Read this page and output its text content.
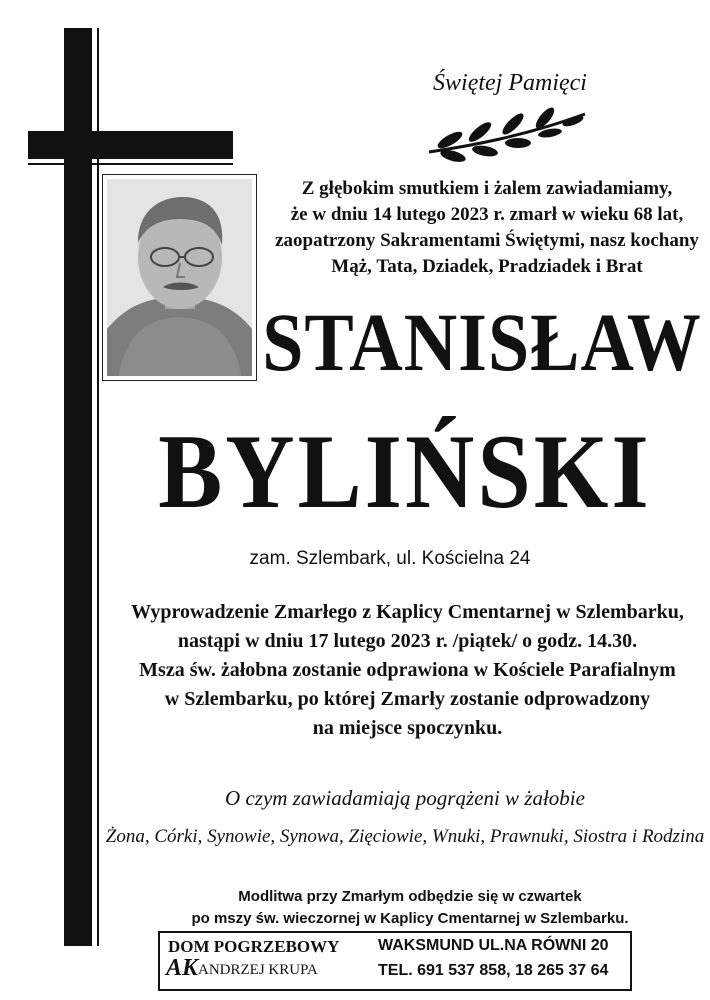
Świętej Pamięci
Z głębokim smutkiem i żalem zawiadamiamy,
że w dniu 14 lutego 2023 r. zmarł w wieku 68 lat,
zaopatrzony Sakramentami Świętymi, nasz kochany
Mąż, Tata, Dziadek, Pradziadek i Brat
STANISŁAW
BYLIŃSKI
zam. Szlembark, ul. Kościelna 24
Wyprowadzenie Zmarłego z Kaplicy Cmentarnej w Szlembarku,
nastąpi w dniu 17 lutego 2023 r. /piątek/ o godz. 14.30.
Msza św. żałobna zostanie odprawiona w Kościele Parafialnym
w Szlembarku, po której Zmarły zostanie odprowadzony
na miejsce spoczynku.
O czym zawiadamiają pogrążeni w żałobie
Żona, Córki, Synowie, Synowa, Zięciowie, Wnuki, Prawnuki, Siostra i Rodzina
Modlitwa przy Zmarłym odbędzie się w czwartek
po mszy św. wieczornej w Kaplicy Cmentarnej w Szlembarku.
DOM POGRZEBOWY
AK ANDRZEJ KRUPA
WAKSMUND UL.NA RÓWNI 20
TEL. 691 537 858, 18 265 37 64
